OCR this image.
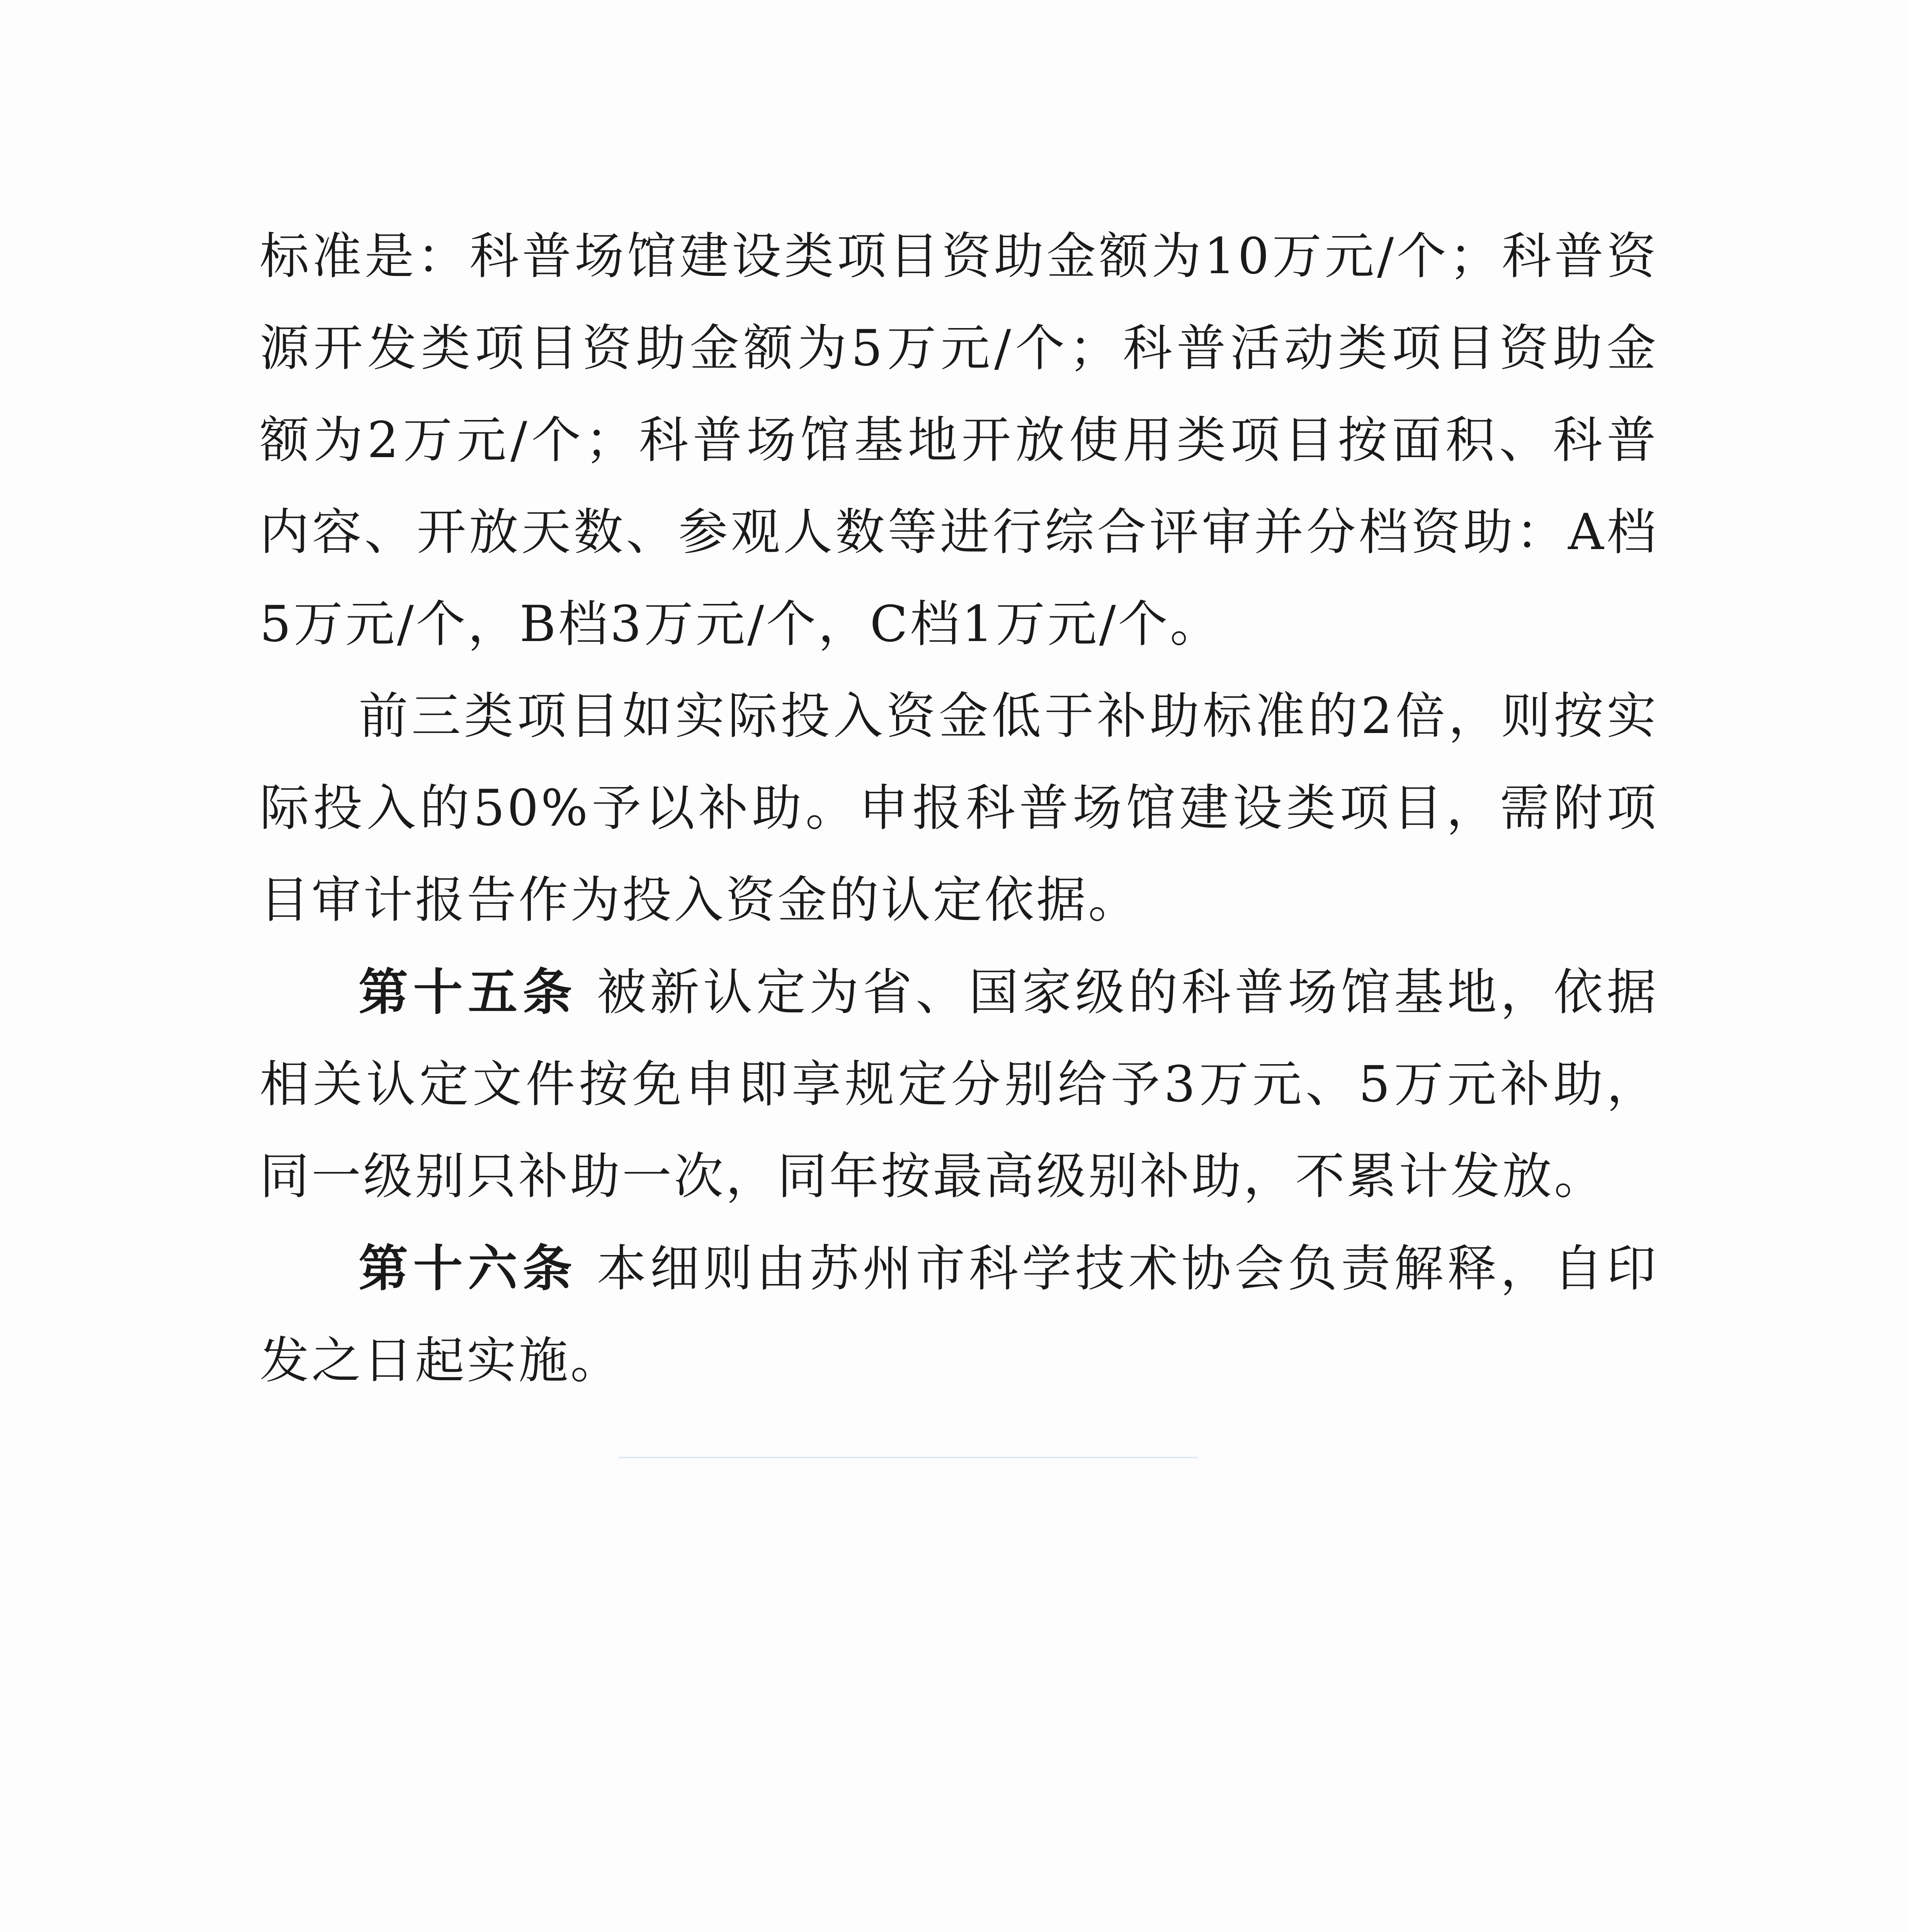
标准是：科普场馆建设类项目资助金额为10万元/个；科普资源开发类项目资助金额为5万元/个；科普活动类项目资助金额为2万元/个；科普场馆基地开放使用类项目按面积、科普内容、开放天数、参观人数等进行综合评审并分档资助：A档5万元/个，B档3万元/个，C档1万元/个。

前三类项目如实际投入资金低于补助标准的2倍，则按实际投入的50%予以补助。申报科普场馆建设类项目，需附项目审计报告作为投入资金的认定依据。

第十五条 被新认定为省、国家级的科普场馆基地，依据相关认定文件按免申即享规定分别给予3万元、5万元补助，同一级别只补助一次，同年按最高级别补助，不累计发放。

第十六条 本细则由苏州市科学技术协会负责解释，自印发之日起实施。
